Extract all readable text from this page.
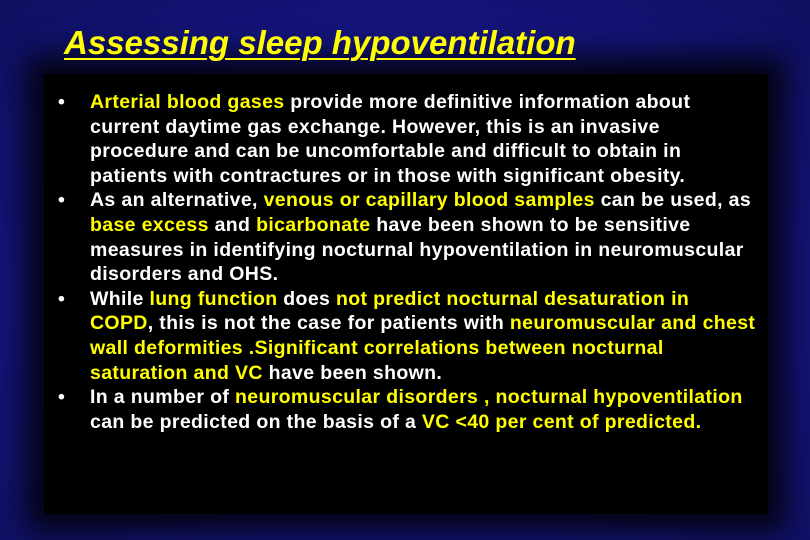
Assessing sleep hypoventilation
• Arterial blood gases provide more definitive information about current daytime gas exchange. However, this is an invasive procedure and can be uncomfortable and difficult to obtain in patients with contractures or in those with significant obesity.
• As an alternative, venous or capillary blood samples can be used, as base excess and bicarbonate have been shown to be sensitive measures in identifying nocturnal hypoventilation in neuromuscular disorders and OHS.
• While lung function does not predict nocturnal desaturation in COPD, this is not the case for patients with neuromuscular and chest wall deformities .Significant correlations between nocturnal saturation and VC have been shown.
• In a number of neuromuscular disorders , nocturnal hypoventilation can be predicted on the basis of a VC <40 per cent of predicted.
